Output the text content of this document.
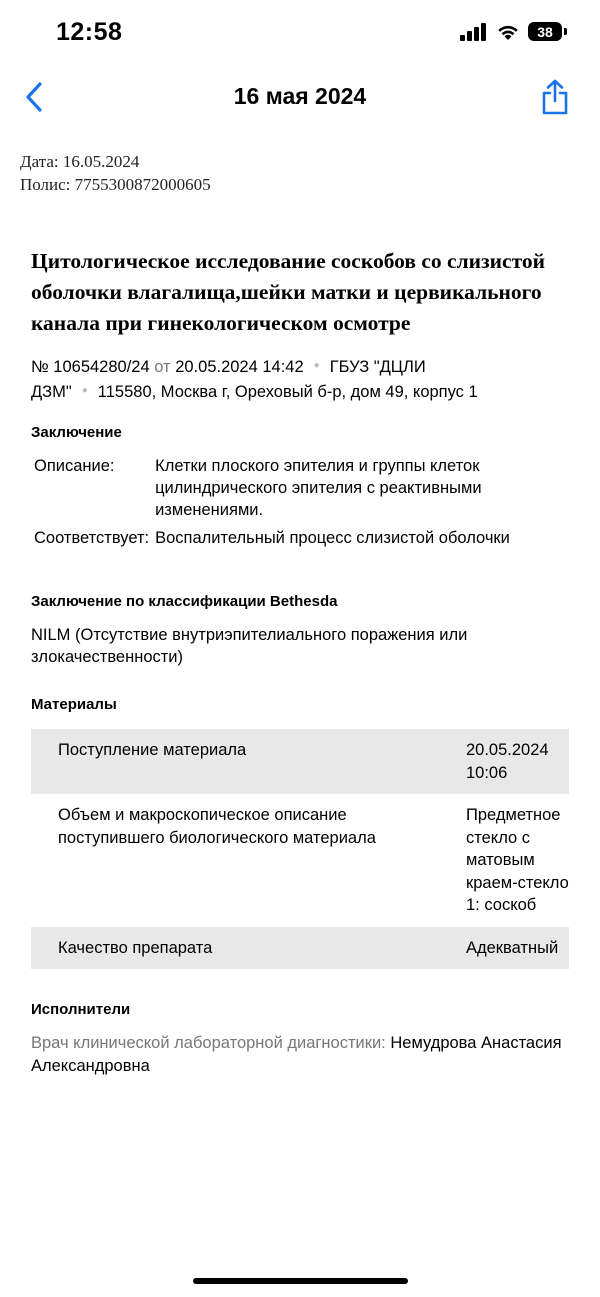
12:58	38
16 мая 2024
Дата: 16.05.2024
Полис: 7755300872000605
Цитологическое исследование соскобов со слизистой оболочки влагалища,шейки матки и цервикального канала при гинекологическом осмотре

№ 10654280/24 от 20.05.2024 14:42 ● ГБУЗ "ДЦЛИ
ДЗМ" ● 115580, Москва г, Ореховый б-р, дом 49, корпус 1

Заключение

Описание:	Клетки плоского эпителия и группы клеток цилиндрического эпителия с реактивными изменениями.
Соответствует:	Воспалительный процесс слизистой оболочки

Заключение по классификации Bethesda

NILM (Отсутствие внутриэпителиального поражения или злокачественности)

Материалы

Поступление материала	20.05.2024 10:06
Объем и макроскопическое описание поступившего биологического материала	Предметное стекло с матовым краем-стекло 1: соскоб
Качество препарата	Адекватный

Исполнители

Врач клинической лабораторной диагностики: Немудрова Анастасия Александровна
